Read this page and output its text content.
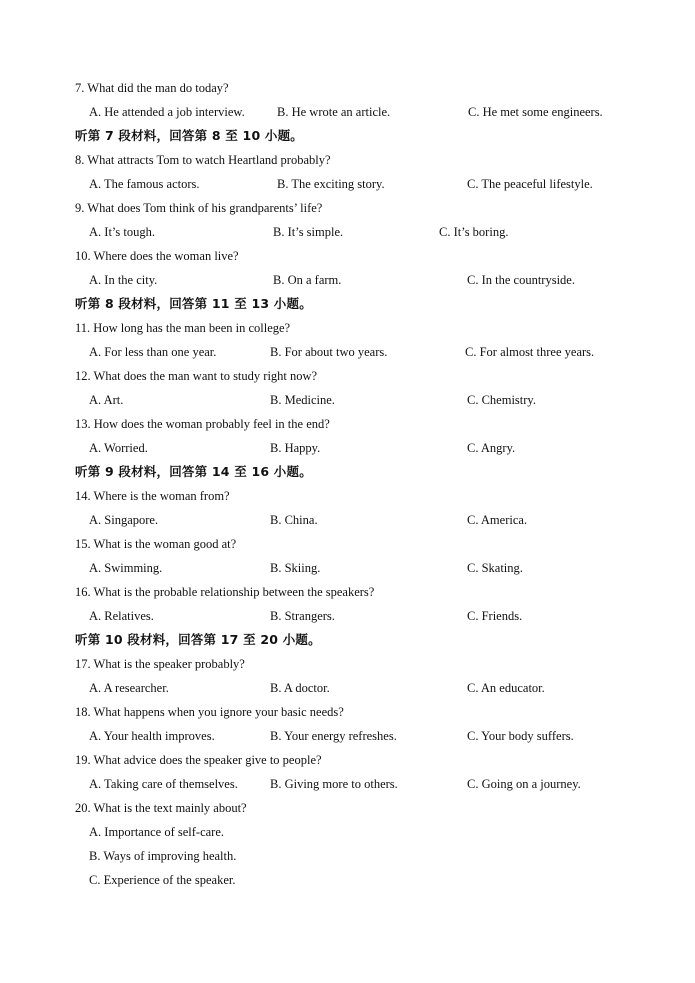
7. What did the man do today?
A. He attended a job interview.	B. He wrote an article.	C. He met some engineers.
听第 7 段材料，回答第 8 至 10 小题。
8. What attracts Tom to watch Heartland probably?
A. The famous actors.	B. The exciting story.	C. The peaceful lifestyle.
9. What does Tom think of his grandparents’ life?
A. It’s tough.	B. It’s simple.	C. It’s boring.
10. Where does the woman live?
A. In the city.	B. On a farm.	C. In the countryside.
听第 8 段材料，回答第 11 至 13 小题。
11. How long has the man been in college?
A. For less than one year.	B. For about two years.	C. For almost three years.
12. What does the man want to study right now?
A. Art.	B. Medicine.	C. Chemistry.
13. How does the woman probably feel in the end?
A. Worried.	B. Happy.	C. Angry.
听第 9 段材料，回答第 14 至 16 小题。
14. Where is the woman from?
A. Singapore.	B. China.	C. America.
15. What is the woman good at?
A. Swimming.	B. Skiing.	C. Skating.
16. What is the probable relationship between the speakers?
A. Relatives.	B. Strangers.	C. Friends.
听第 10 段材料，回答第 17 至 20 小题。
17. What is the speaker probably?
A. A researcher.	B. A doctor.	C. An educator.
18. What happens when you ignore your basic needs?
A. Your health improves.	B. Your energy refreshes.	C. Your body suffers.
19. What advice does the speaker give to people?
A. Taking care of themselves.	B. Giving more to others.	C. Going on a journey.
20. What is the text mainly about?
A. Importance of self-care.
B. Ways of improving health.
C. Experience of the speaker.
